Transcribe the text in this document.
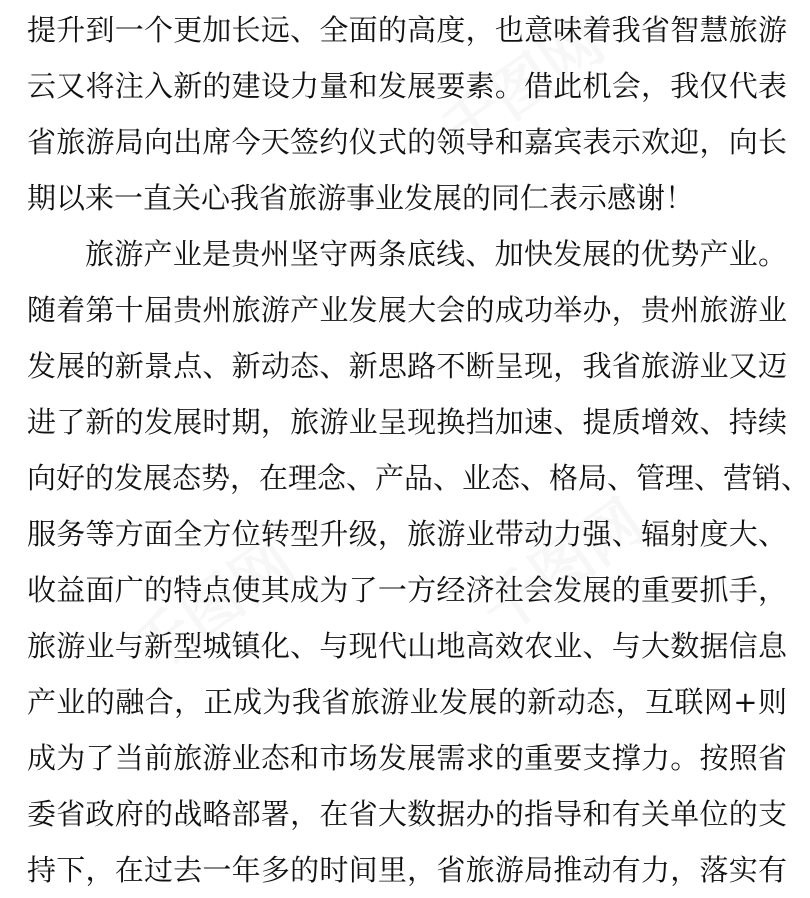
千图网
千图网	千图网
提升到一个更加长远、全面的高度，也意味着我省智慧旅游
云又将注入新的建设力量和发展要素。借此机会，我仅代表
省旅游局向出席今天签约仪式的领导和嘉宾表示欢迎，向长
期以来一直关心我省旅游事业发展的同仁表示感谢！
旅游产业是贵州坚守两条底线、加快发展的优势产业。
随着第十届贵州旅游产业发展大会的成功举办，贵州旅游业
发展的新景点、新动态、新思路不断呈现，我省旅游业又迈
进了新的发展时期，旅游业呈现换挡加速、提质增效、持续
向好的发展态势，在理念、产品、业态、格局、管理、营销、
服务等方面全方位转型升级，旅游业带动力强、辐射度大、
收益面广的特点使其成为了一方经济社会发展的重要抓手，
旅游业与新型城镇化、与现代山地高效农业、与大数据信息
产业的融合，正成为我省旅游业发展的新动态，互联网+则
成为了当前旅游业态和市场发展需求的重要支撑力。按照省
委省政府的战略部署，在省大数据办的指导和有关单位的支
持下，在过去一年多的时间里，省旅游局推动有力，落实有
